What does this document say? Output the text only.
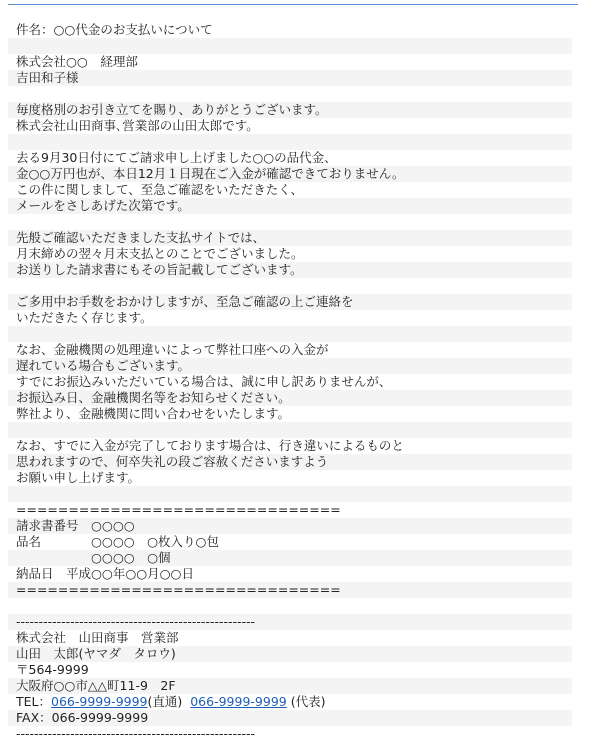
件名：○○代金のお支払いについて
株式会社○○　経理部
吉田和子様
毎度格別のお引き立てを賜り、ありがとうございます。
株式会社山田商事､営業部の山田太郎です。
去る9月30日付にてご請求申し上げました○○の品代金、
金○○万円也が、本日12月１日現在ご入金が確認できておりません。
この件に関しまして、至急ご確認をいただきたく、
メールをさしあげた次第です。
先般ご確認いただきました支払サイトでは、
月末締めの翌々月末支払とのことでございました。
お送りした請求書にもその旨記載してございます。
ご多用中お手数をおかけしますが、至急ご確認の上ご連絡を
いただきたく存じます。
なお、金融機関の処理違いによって弊社口座への入金が
遅れている場合もございます。
すでにお振込みいただいている場合は、誠に申し訳ありませんが、
お振込み日、金融機関名等をお知らせください。
弊社より、金融機関に問い合わせをいたします。
なお、すでに入金が完了しております場合は、行き違いによるものと
思われますので、何卒失礼の段ご容赦くださいますよう
お願い申し上げます。
===============================
請求書番号　○○○○
品名　　　　○○○○　○枚入り○包
　　　　　　○○○○　○個
納品日　平成○○年○○月○○日
===============================
-----------------------------------------------------
株式会社　山田商事　営業部
山田　太郎(ヤマダ　タロウ)
〒564-9999
大阪府○○市△△町11-9　2F
TEL：066-9999-9999(直通) 066-9999-9999 (代表)
FAX：066-9999-9999
-----------------------------------------------------
